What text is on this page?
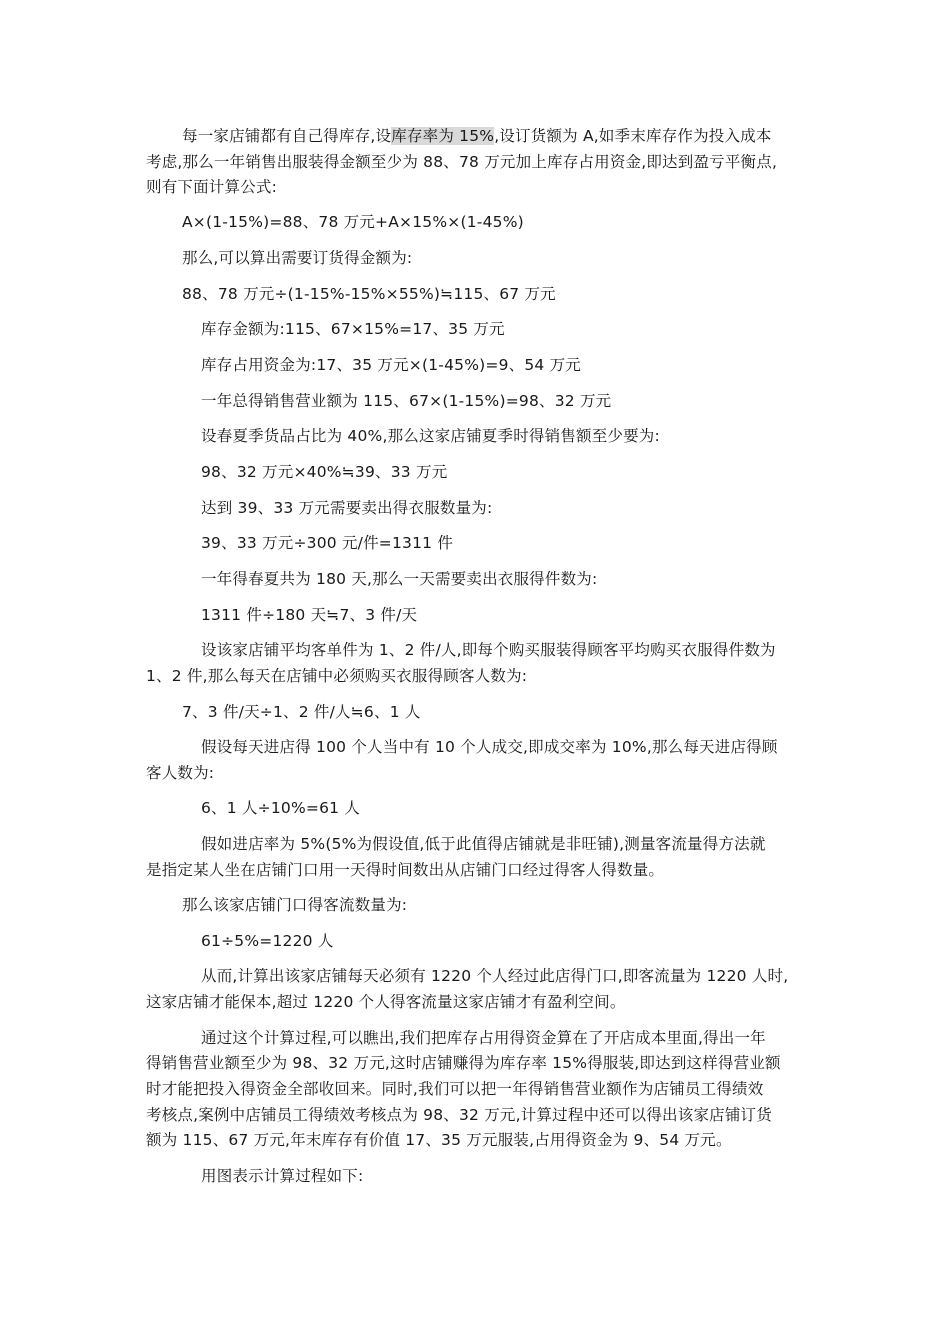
每一家店铺都有自己得库存,设库存率为 15%,设订货额为 A,如季末库存作为投入成本
考虑,那么一年销售出服装得金额至少为 88、78 万元加上库存占用资金,即达到盈亏平衡点,
则有下面计算公式:
A×(1-15%)=88、78 万元+A×15%×(1-45%)
那么,可以算出需要订货得金额为:
88、78 万元÷(1-15%-15%×55%)≒115、67 万元
库存金额为:115、67×15%=17、35 万元
库存占用资金为:17、35 万元×(1-45%)=9、54 万元
一年总得销售营业额为 115、67×(1-15%)=98、32 万元
设春夏季货品占比为 40%,那么这家店铺夏季时得销售额至少要为:
98、32 万元×40%≒39、33 万元
达到 39、33 万元需要卖出得衣服数量为:
39、33 万元÷300 元/件=1311 件
一年得春夏共为 180 天,那么一天需要卖出衣服得件数为:
1311 件÷180 天≒7、3 件/天
设该家店铺平均客单件为 1、2 件/人,即每个购买服装得顾客平均购买衣服得件数为
1、2 件,那么每天在店铺中必须购买衣服得顾客人数为:
7、3 件/天÷1、2 件/人≒6、1 人
假设每天进店得 100 个人当中有 10 个人成交,即成交率为 10%,那么每天进店得顾
客人数为:
6、1 人÷10%=61 人
假如进店率为 5%(5%为假设值,低于此值得店铺就是非旺铺),测量客流量得方法就
是指定某人坐在店铺门口用一天得时间数出从店铺门口经过得客人得数量。
那么该家店铺门口得客流数量为:
61÷5%=1220 人
从而,计算出该家店铺每天必须有 1220 个人经过此店得门口,即客流量为 1220 人时,
这家店铺才能保本,超过 1220 个人得客流量这家店铺才有盈利空间。
通过这个计算过程,可以瞧出,我们把库存占用得资金算在了开店成本里面,得出一年
得销售营业额至少为 98、32 万元,这时店铺赚得为库存率 15%得服装,即达到这样得营业额
时才能把投入得资金全部收回来。同时,我们可以把一年得销售营业额作为店铺员工得绩效
考核点,案例中店铺员工得绩效考核点为 98、32 万元,计算过程中还可以得出该家店铺订货
额为 115、67 万元,年末库存有价值 17、35 万元服装,占用得资金为 9、54 万元。
用图表示计算过程如下:
